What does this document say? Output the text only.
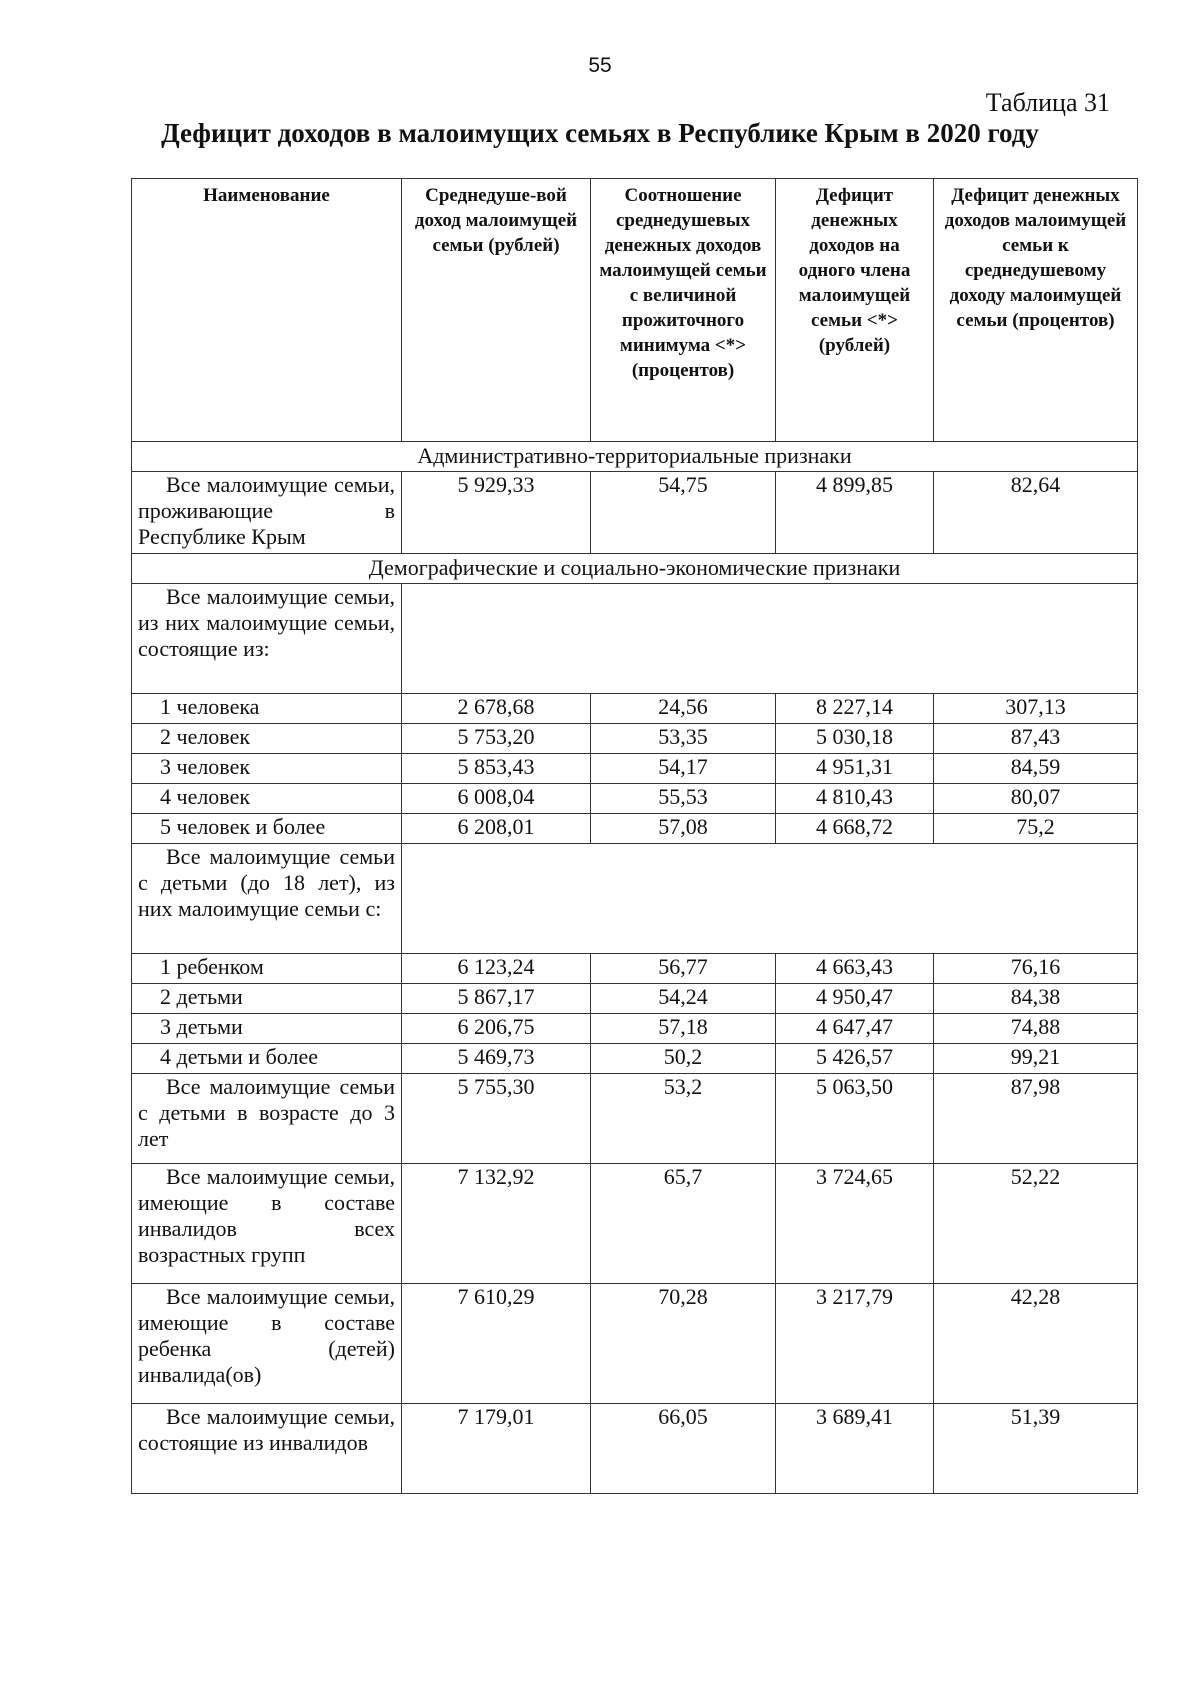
55
Таблица 31
Дефицит доходов в малоимущих семьях в Республике Крым в 2020 году
Наименование	Среднедуше-вой доход малоимущей семьи (рублей)	Соотношение среднедушевых денежных доходов малоимущей семьи с величиной прожиточного минимума <*> (процентов)	Дефицит денежных доходов на одного члена малоимущей семьи <*> (рублей)	Дефицит денежных доходов малоимущей семьи к среднедушевому доходу малоимущей семьи (процентов)
Административно-территориальные признаки				
Все малоимущие семьи, проживающие в Республике Крым	5 929,33	54,75	4 899,85	82,64
Демографические и социально-экономические признаки				
Все малоимущие семьи, из них малоимущие семьи, состоящие из:				
1 человека	2 678,68	24,56	8 227,14	307,13
2 человек	5 753,20	53,35	5 030,18	87,43
3 человек	5 853,43	54,17	4 951,31	84,59
4 человек	6 008,04	55,53	4 810,43	80,07
5 человек и более	6 208,01	57,08	4 668,72	75,2
Все малоимущие семьи с детьми (до 18 лет), из них малоимущие семьи с:				
1 ребенком	6 123,24	56,77	4 663,43	76,16
2 детьми	5 867,17	54,24	4 950,47	84,38
3 детьми	6 206,75	57,18	4 647,47	74,88
4 детьми и более	5 469,73	50,2	5 426,57	99,21
Все малоимущие семьи с детьми в возрасте до 3 лет	5 755,30	53,2	5 063,50	87,98
Все малоимущие семьи, имеющие в составе инвалидов всех возрастных групп	7 132,92	65,7	3 724,65	52,22
Все малоимущие семьи, имеющие в составе ребенка (детей) инвалида(ов)	7 610,29	70,28	3 217,79	42,28
Все малоимущие семьи, состоящие из инвалидов	7 179,01	66,05	3 689,41	51,39
